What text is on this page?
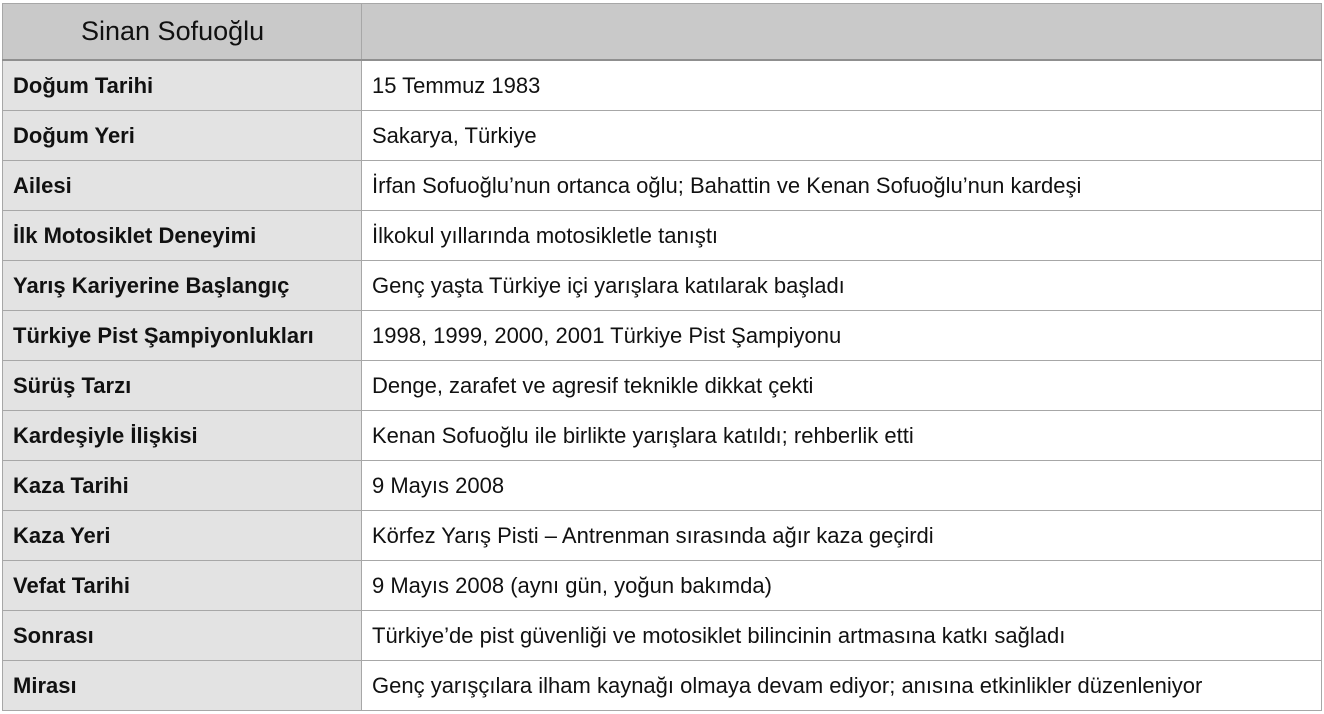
Sinan Sofuoğlu	
Doğum Tarihi	15 Temmuz 1983
Doğum Yeri	Sakarya, Türkiye
Ailesi	İrfan Sofuoğlu’nun ortanca oğlu; Bahattin ve Kenan Sofuoğlu’nun kardeşi
İlk Motosiklet Deneyimi	İlkokul yıllarında motosikletle tanıştı
Yarış Kariyerine Başlangıç	Genç yaşta Türkiye içi yarışlara katılarak başladı
Türkiye Pist Şampiyonlukları	1998, 1999, 2000, 2001 Türkiye Pist Şampiyonu
Sürüş Tarzı	Denge, zarafet ve agresif teknikle dikkat çekti
Kardeşiyle İlişkisi	Kenan Sofuoğlu ile birlikte yarışlara katıldı; rehberlik etti
Kaza Tarihi	9 Mayıs 2008
Kaza Yeri	Körfez Yarış Pisti – Antrenman sırasında ağır kaza geçirdi
Vefat Tarihi	9 Mayıs 2008 (aynı gün, yoğun bakımda)
Sonrası	Türkiye’de pist güvenliği ve motosiklet bilincinin artmasına katkı sağladı
Mirası	Genç yarışçılara ilham kaynağı olmaya devam ediyor; anısına etkinlikler düzenleniyor
